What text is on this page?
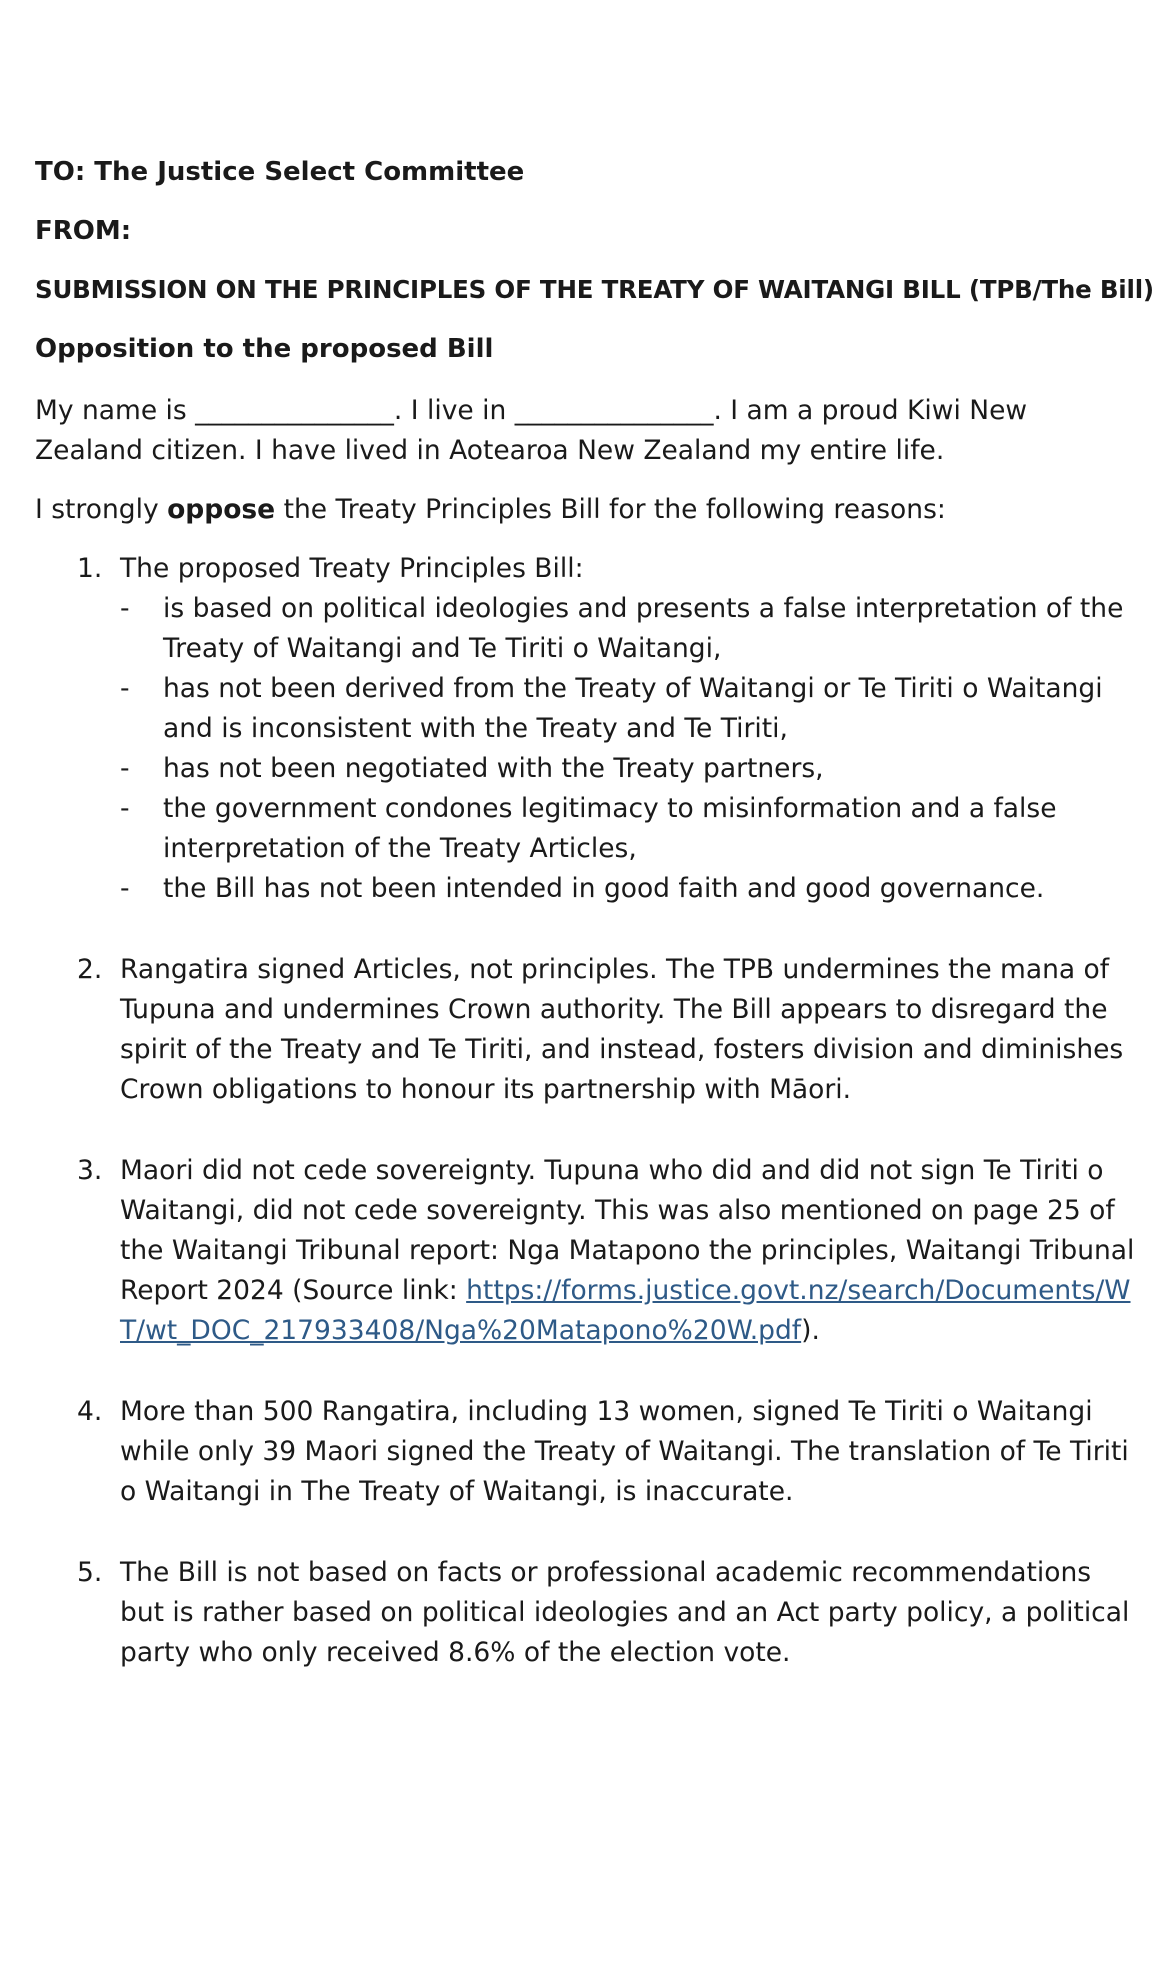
TO: The Justice Select Committee
FROM:
SUBMISSION ON THE PRINCIPLES OF THE TREATY OF WAITANGI BILL (TPB/The Bill)
Opposition to the proposed Bill

My name is _______________. I live in _______________. I am a proud Kiwi New Zealand citizen. I have lived in Aotearoa New Zealand my entire life.

I strongly oppose the Treaty Principles Bill for the following reasons:

1. The proposed Treaty Principles Bill:
- is based on political ideologies and presents a false interpretation of the Treaty of Waitangi and Te Tiriti o Waitangi,
- has not been derived from the Treaty of Waitangi or Te Tiriti o Waitangi and is inconsistent with the Treaty and Te Tiriti,
- has not been negotiated with the Treaty partners,
- the government condones legitimacy to misinformation and a false interpretation of the Treaty Articles,
- the Bill has not been intended in good faith and good governance.
2. Rangatira signed Articles, not principles. The TPB undermines the mana of Tupuna and undermines Crown authority. The Bill appears to disregard the spirit of the Treaty and Te Tiriti, and instead, fosters division and diminishes Crown obligations to honour its partnership with Māori.
3. Maori did not cede sovereignty. Tupuna who did and did not sign Te Tiriti o Waitangi, did not cede sovereignty. This was also mentioned on page 25 of the Waitangi Tribunal report: Nga Matapono the principles, Waitangi Tribunal Report 2024 (Source link: https://forms.justice.govt.nz/search/Documents/WT/wt_DOC_217933408/Nga%20Matapono%20W.pdf).
4. More than 500 Rangatira, including 13 women, signed Te Tiriti o Waitangi while only 39 Maori signed the Treaty of Waitangi. The translation of Te Tiriti o Waitangi in The Treaty of Waitangi, is inaccurate.
5. The Bill is not based on facts or professional academic recommendations but is rather based on political ideologies and an Act party policy, a political party who only received 8.6% of the election vote.
